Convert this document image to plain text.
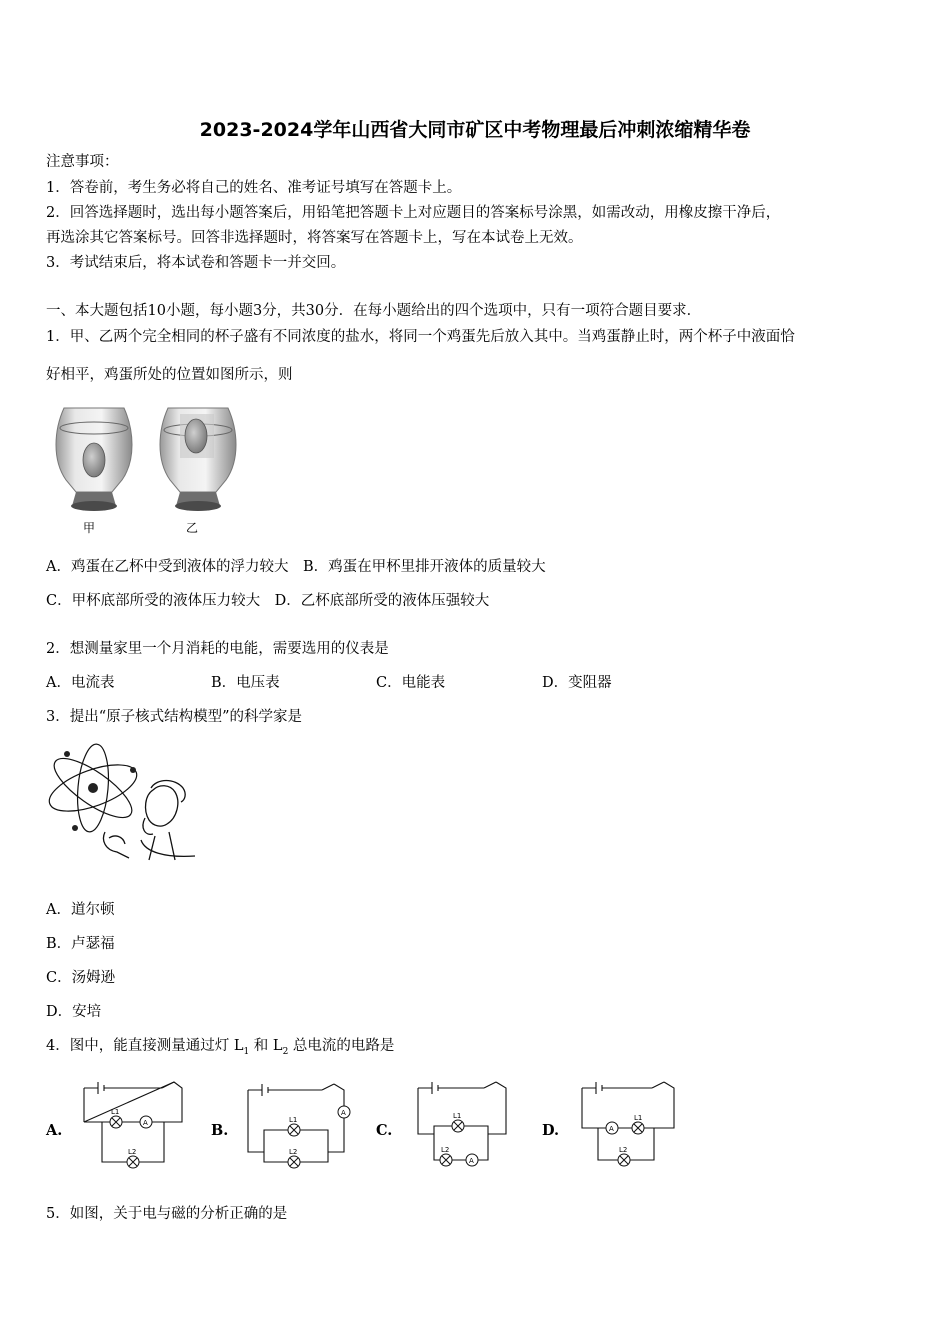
2023-2024学年山西省大同市矿区中考物理最后冲刺浓缩精华卷
注意事项：
1．答卷前，考生务必将自己的姓名、准考证号填写在答题卡上。
2．回答选择题时，选出每小题答案后，用铅笔把答题卡上对应题目的答案标号涂黑，如需改动，用橡皮擦干净后，
再选涂其它答案标号。回答非选择题时，将答案写在答题卡上，写在本试卷上无效。
3．考试结束后，将本试卷和答题卡一并交回。
一、本大题包括10小题，每小题3分，共30分．在每小题给出的四个选项中，只有一项符合题目要求．
1．甲、乙两个完全相同的杯子盛有不同浓度的盐水，将同一个鸡蛋先后放入其中。当鸡蛋静止时，两个杯子中液面恰
好相平，鸡蛋所处的位置如图所示，则
甲	乙
A．鸡蛋在乙杯中受到液体的浮力较大　B．鸡蛋在甲杯里排开液体的质量较大
C．甲杯底部所受的液体压力较大　D．乙杯底部所受的液体压强较大
2．想测量家里一个月消耗的电能，需要选用的仪表是
A．电流表	B．电压表	C．电能表	D．变阻器
3．提出“原子核式结构模型”的科学家是
A．道尔顿
B．卢瑟福
C．汤姆逊
D．安培
4．图中，能直接测量通过灯 $L_1$ 和 $L_2$ 总电流的电路是
A.	B.	C.	D.
A
L1
L2
A
L1
L2
A
L1
L2
A
L1
L2
5．如图，关于电与磁的分析正确的是
